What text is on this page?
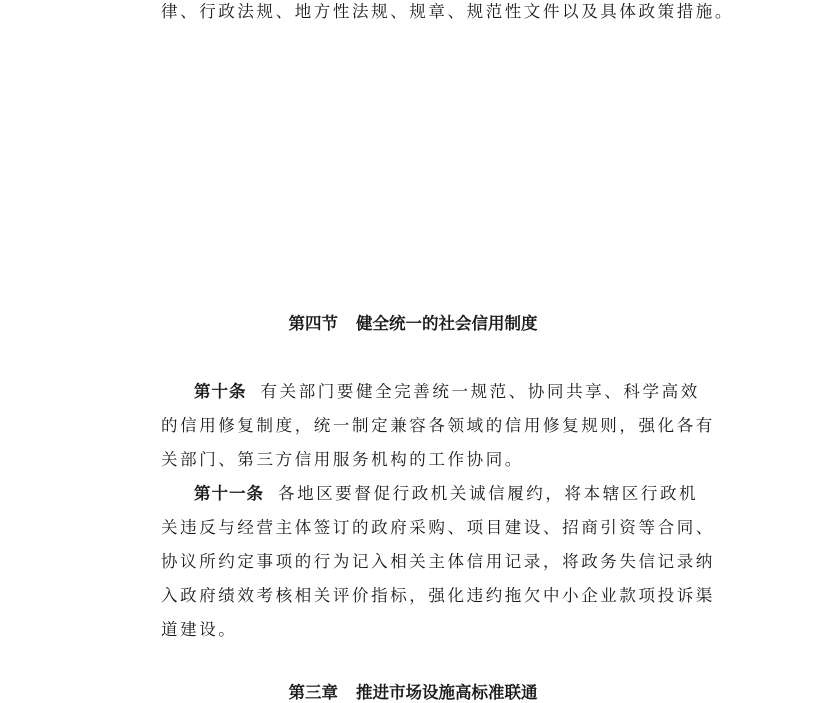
律、行政法规、地方性法规、规章、规范性文件以及具体政策措施。
第四节 健全统一的社会信用制度
第十条 有关部门要健全完善统一规范、协同共享、科学高效
的信用修复制度，统一制定兼容各领域的信用修复规则，强化各有
关部门、第三方信用服务机构的工作协同。
第十一条 各地区要督促行政机关诚信履约，将本辖区行政机
关违反与经营主体签订的政府采购、项目建设、招商引资等合同、
协议所约定事项的行为记入相关主体信用记录，将政务失信记录纳
入政府绩效考核相关评价指标，强化违约拖欠中小企业款项投诉渠
道建设。
第三章 推进市场设施高标准联通
